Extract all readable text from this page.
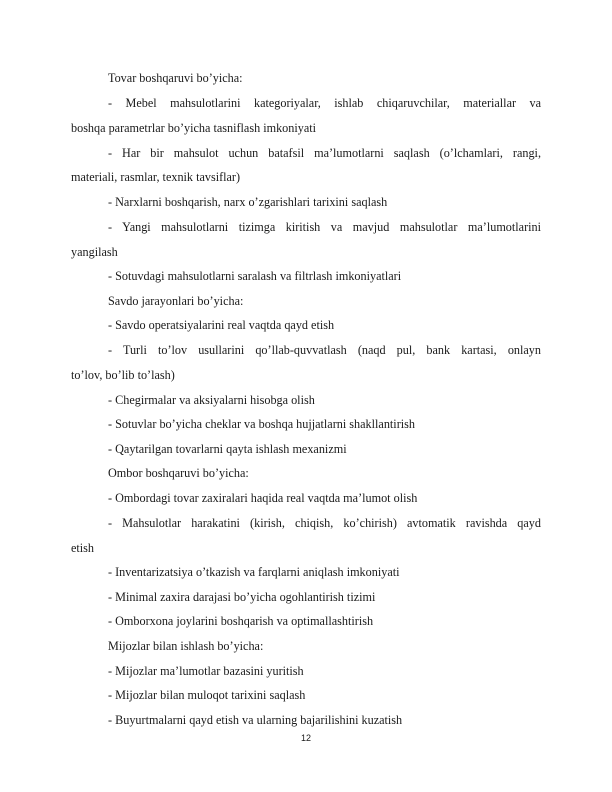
Tovar boshqaruvi bo’yicha:
- Mebel mahsulotlarini kategoriyalar, ishlab chiqaruvchilar, materiallar va
boshqa parametrlar bo’yicha tasniflash imkoniyati
- Har bir mahsulot uchun batafsil ma’lumotlarni saqlash (o’lchamlari, rangi,
materiali, rasmlar, texnik tavsiflar)
- Narxlarni boshqarish, narx o’zgarishlari tarixini saqlash
- Yangi mahsulotlarni tizimga kiritish va mavjud mahsulotlar ma’lumotlarini
yangilash
- Sotuvdagi mahsulotlarni saralash va filtrlash imkoniyatlari
Savdo jarayonlari bo’yicha:
- Savdo operatsiyalarini real vaqtda qayd etish
- Turli to’lov usullarini qo’llab-quvvatlash (naqd pul, bank kartasi, onlayn
to’lov, bo’lib to’lash)
- Chegirmalar va aksiyalarni hisobga olish
- Sotuvlar bo’yicha cheklar va boshqa hujjatlarni shakllantirish
- Qaytarilgan tovarlarni qayta ishlash mexanizmi
Ombor boshqaruvi bo’yicha:
- Ombordagi tovar zaxiralari haqida real vaqtda ma’lumot olish
- Mahsulotlar harakatini (kirish, chiqish, ko’chirish) avtomatik ravishda qayd
etish
- Inventarizatsiya o’tkazish va farqlarni aniqlash imkoniyati
- Minimal zaxira darajasi bo’yicha ogohlantirish tizimi
- Omborxona joylarini boshqarish va optimallashtirish
Mijozlar bilan ishlash bo’yicha:
- Mijozlar ma’lumotlar bazasini yuritish
- Mijozlar bilan muloqot tarixini saqlash
- Buyurtmalarni qayd etish va ularning bajarilishini kuzatish
12
